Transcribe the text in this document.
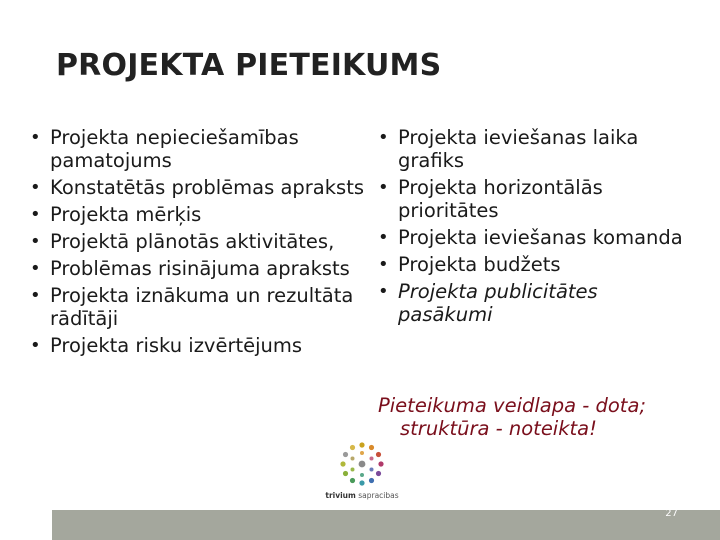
PROJEKTA PIETEIKUMS
• Projekta nepieciešamības pamatojums
• Konstatētās problēmas apraksts
• Projekta mērķis
• Projektā plānotās aktivitātes,
• Problēmas risinājuma apraksts
• Projekta iznākuma un rezultāta rādītāji
• Projekta risku izvērtējums
• Projekta ieviešanas laika grafiks
• Projekta horizontālās prioritātes
• Projekta ieviešanas komanda
• Projekta budžets
• Projekta publicitātes pasākumi
Pieteikuma veidlapa - dota; struktūra - noteikta!
trivium sapracibas
27
